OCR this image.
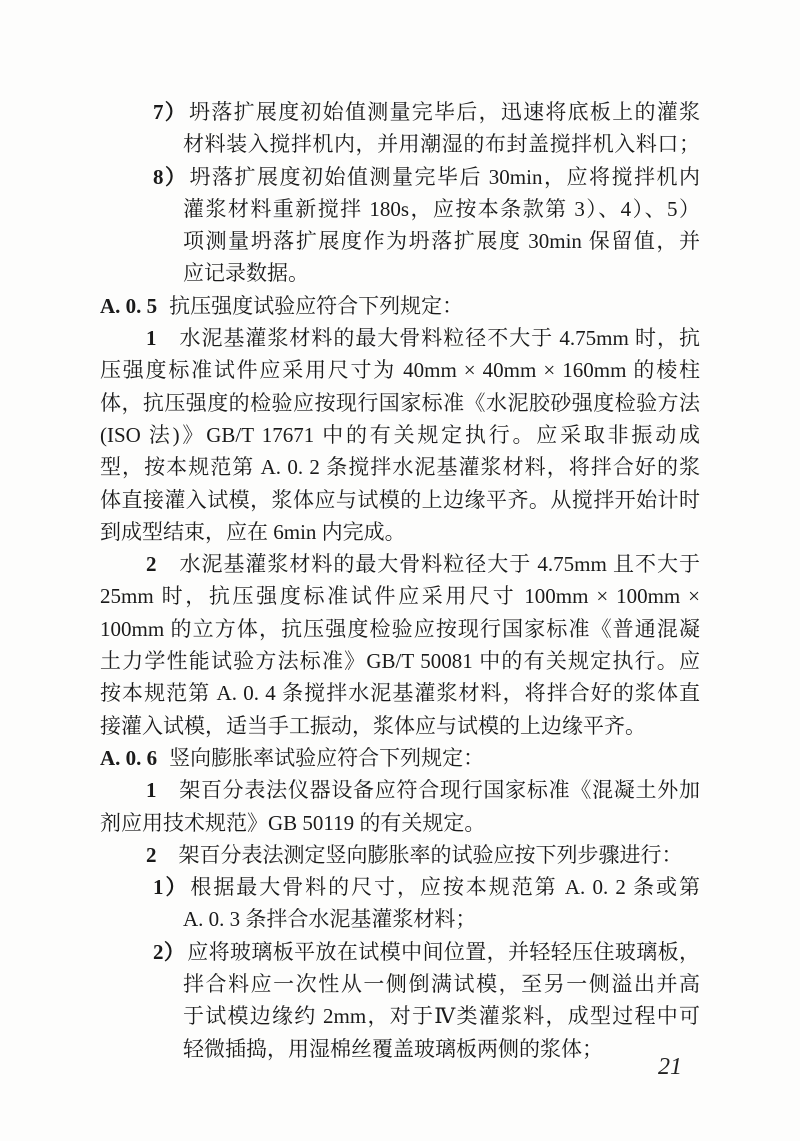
7）坍落扩展度初始值测量完毕后，迅速将底板上的灌浆
材料装入搅拌机内，并用潮湿的布封盖搅拌机入料口；
8）坍落扩展度初始值测量完毕后 30min，应将搅拌机内
灌浆材料重新搅拌 180s，应按本条款第 3）、4）、5）
项测量坍落扩展度作为坍落扩展度 30min 保留值，并
应记录数据。
A. 0. 5 抗压强度试验应符合下列规定：
1 水泥基灌浆材料的最大骨料粒径不大于 4.75mm 时，抗
压强度标准试件应采用尺寸为 40mm × 40mm × 160mm 的棱柱
体，抗压强度的检验应按现行国家标准《水泥胶砂强度检验方法
(ISO 法)》GB/T 17671 中的有关规定执行。应采取非振动成
型，按本规范第 A. 0. 2 条搅拌水泥基灌浆材料，将拌合好的浆
体直接灌入试模，浆体应与试模的上边缘平齐。从搅拌开始计时
到成型结束，应在 6min 内完成。
2 水泥基灌浆材料的最大骨料粒径大于 4.75mm 且不大于
25mm 时，抗压强度标准试件应采用尺寸 100mm × 100mm ×
100mm 的立方体，抗压强度检验应按现行国家标准《普通混凝
土力学性能试验方法标准》GB/T 50081 中的有关规定执行。应
按本规范第 A. 0. 4 条搅拌水泥基灌浆材料，将拌合好的浆体直
接灌入试模，适当手工振动，浆体应与试模的上边缘平齐。
A. 0. 6 竖向膨胀率试验应符合下列规定：
1 架百分表法仪器设备应符合现行国家标准《混凝土外加
剂应用技术规范》GB 50119 的有关规定。
2 架百分表法测定竖向膨胀率的试验应按下列步骤进行：
1）根据最大骨料的尺寸，应按本规范第 A. 0. 2 条或第
A. 0. 3 条拌合水泥基灌浆材料；
2）应将玻璃板平放在试模中间位置，并轻轻压住玻璃板，
拌合料应一次性从一侧倒满试模，至另一侧溢出并高
于试模边缘约 2mm，对于Ⅳ类灌浆料，成型过程中可
轻微插捣，用湿棉丝覆盖玻璃板两侧的浆体；
21
